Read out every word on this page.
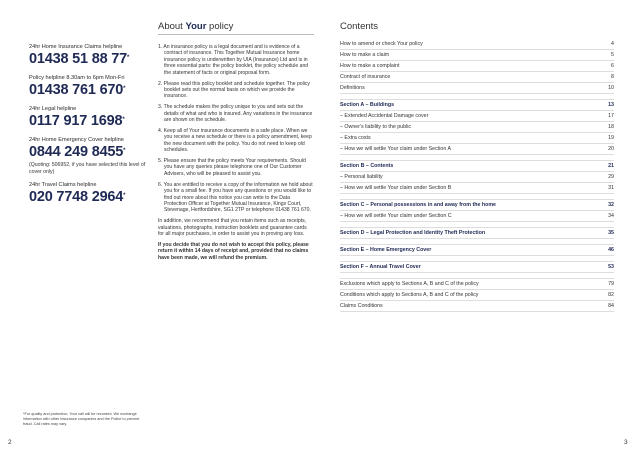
24hr Home Insurance Claims helpline
01438 51 88 77*
Policy helpline 8.30am to 6pm Mon-Fri
01438 761 670*
24hr Legal helpline
0117 917 1698*
24hr Home Emergency Cover helpline
0844 249 8455*
(Quoting: 506952, if you have selected this level of cover only)
24hr Travel Claims helpline
020 7748 2964*
*For quality and protection, Your call will be recorded. We exchange information with other insurance companies and the Police to prevent fraud. Call rates may vary.
About Your policy

1. An insurance policy is a legal document and is evidence of a contract of insurance. This Together Mutual Insurance home insurance policy is underwritten by UIA (Insurance) Ltd and is in three essential parts: the policy booklet, the policy schedule and the statement of facts or original proposal form.

2. Please read this policy booklet and schedule together. The policy booklet sets out the normal basis on which we provide the insurance.

3. The schedule makes the policy unique to you and sets out the details of what and who is insured. Any variations in the insurance are shown on the schedule.

4. Keep all of Your insurance documents in a safe place. When we you receive a new schedule or there is a policy amendment, keep the new document with the policy. You do not need to keep old schedules.

5. Please ensure that the policy meets Your requirements. Should you have any queries please telephone one of Our Customer Advisers, who will be pleased to assist you.

6. You are entitled to receive a copy of the information we hold about you for a small fee. If you have any questions or you would like to find out more about this notice you can write to the Data Protection Officer at Together Mutual Insurance, Kings Court, Stevenage, Hertfordshire, SG1 2TP or telephone 01438 761 670.

In addition, we recommend that you retain items such as receipts, valuations, photographs, instruction booklets and guarantee cards for all major purchases, in order to assist you in proving any loss.

If you decide that you do not wish to accept this policy, please return it within 14 days of receipt and, provided that no claims have been made, we will refund the premium.

Contents
How to amend or check Your policy	4
How to make a claim	5
How to make a complaint	6
Contract of insurance	8
Definitions	10
Section A – Buildings	13
– Extended Accidental Damage cover	17
– Owner's liability to the public	18
– Extra costs	19
– How we will settle Your claim under Section A	20
Section B – Contents	21
– Personal liability	29
– How we will settle Your claim under Section B	31
Section C – Personal possessions in and away from the home	32
– How we will settle Your claim under Section C	34
Section D – Legal Protection and Identity Theft Protection	35
Section E – Home Emergency Cover	46
Section F – Annual Travel Cover	53
Exclusions which apply to Sections A, B and C of the policy	79
Conditions which apply to Sections A, B and C of the policy	82
Claims Conditions	84
2	3
